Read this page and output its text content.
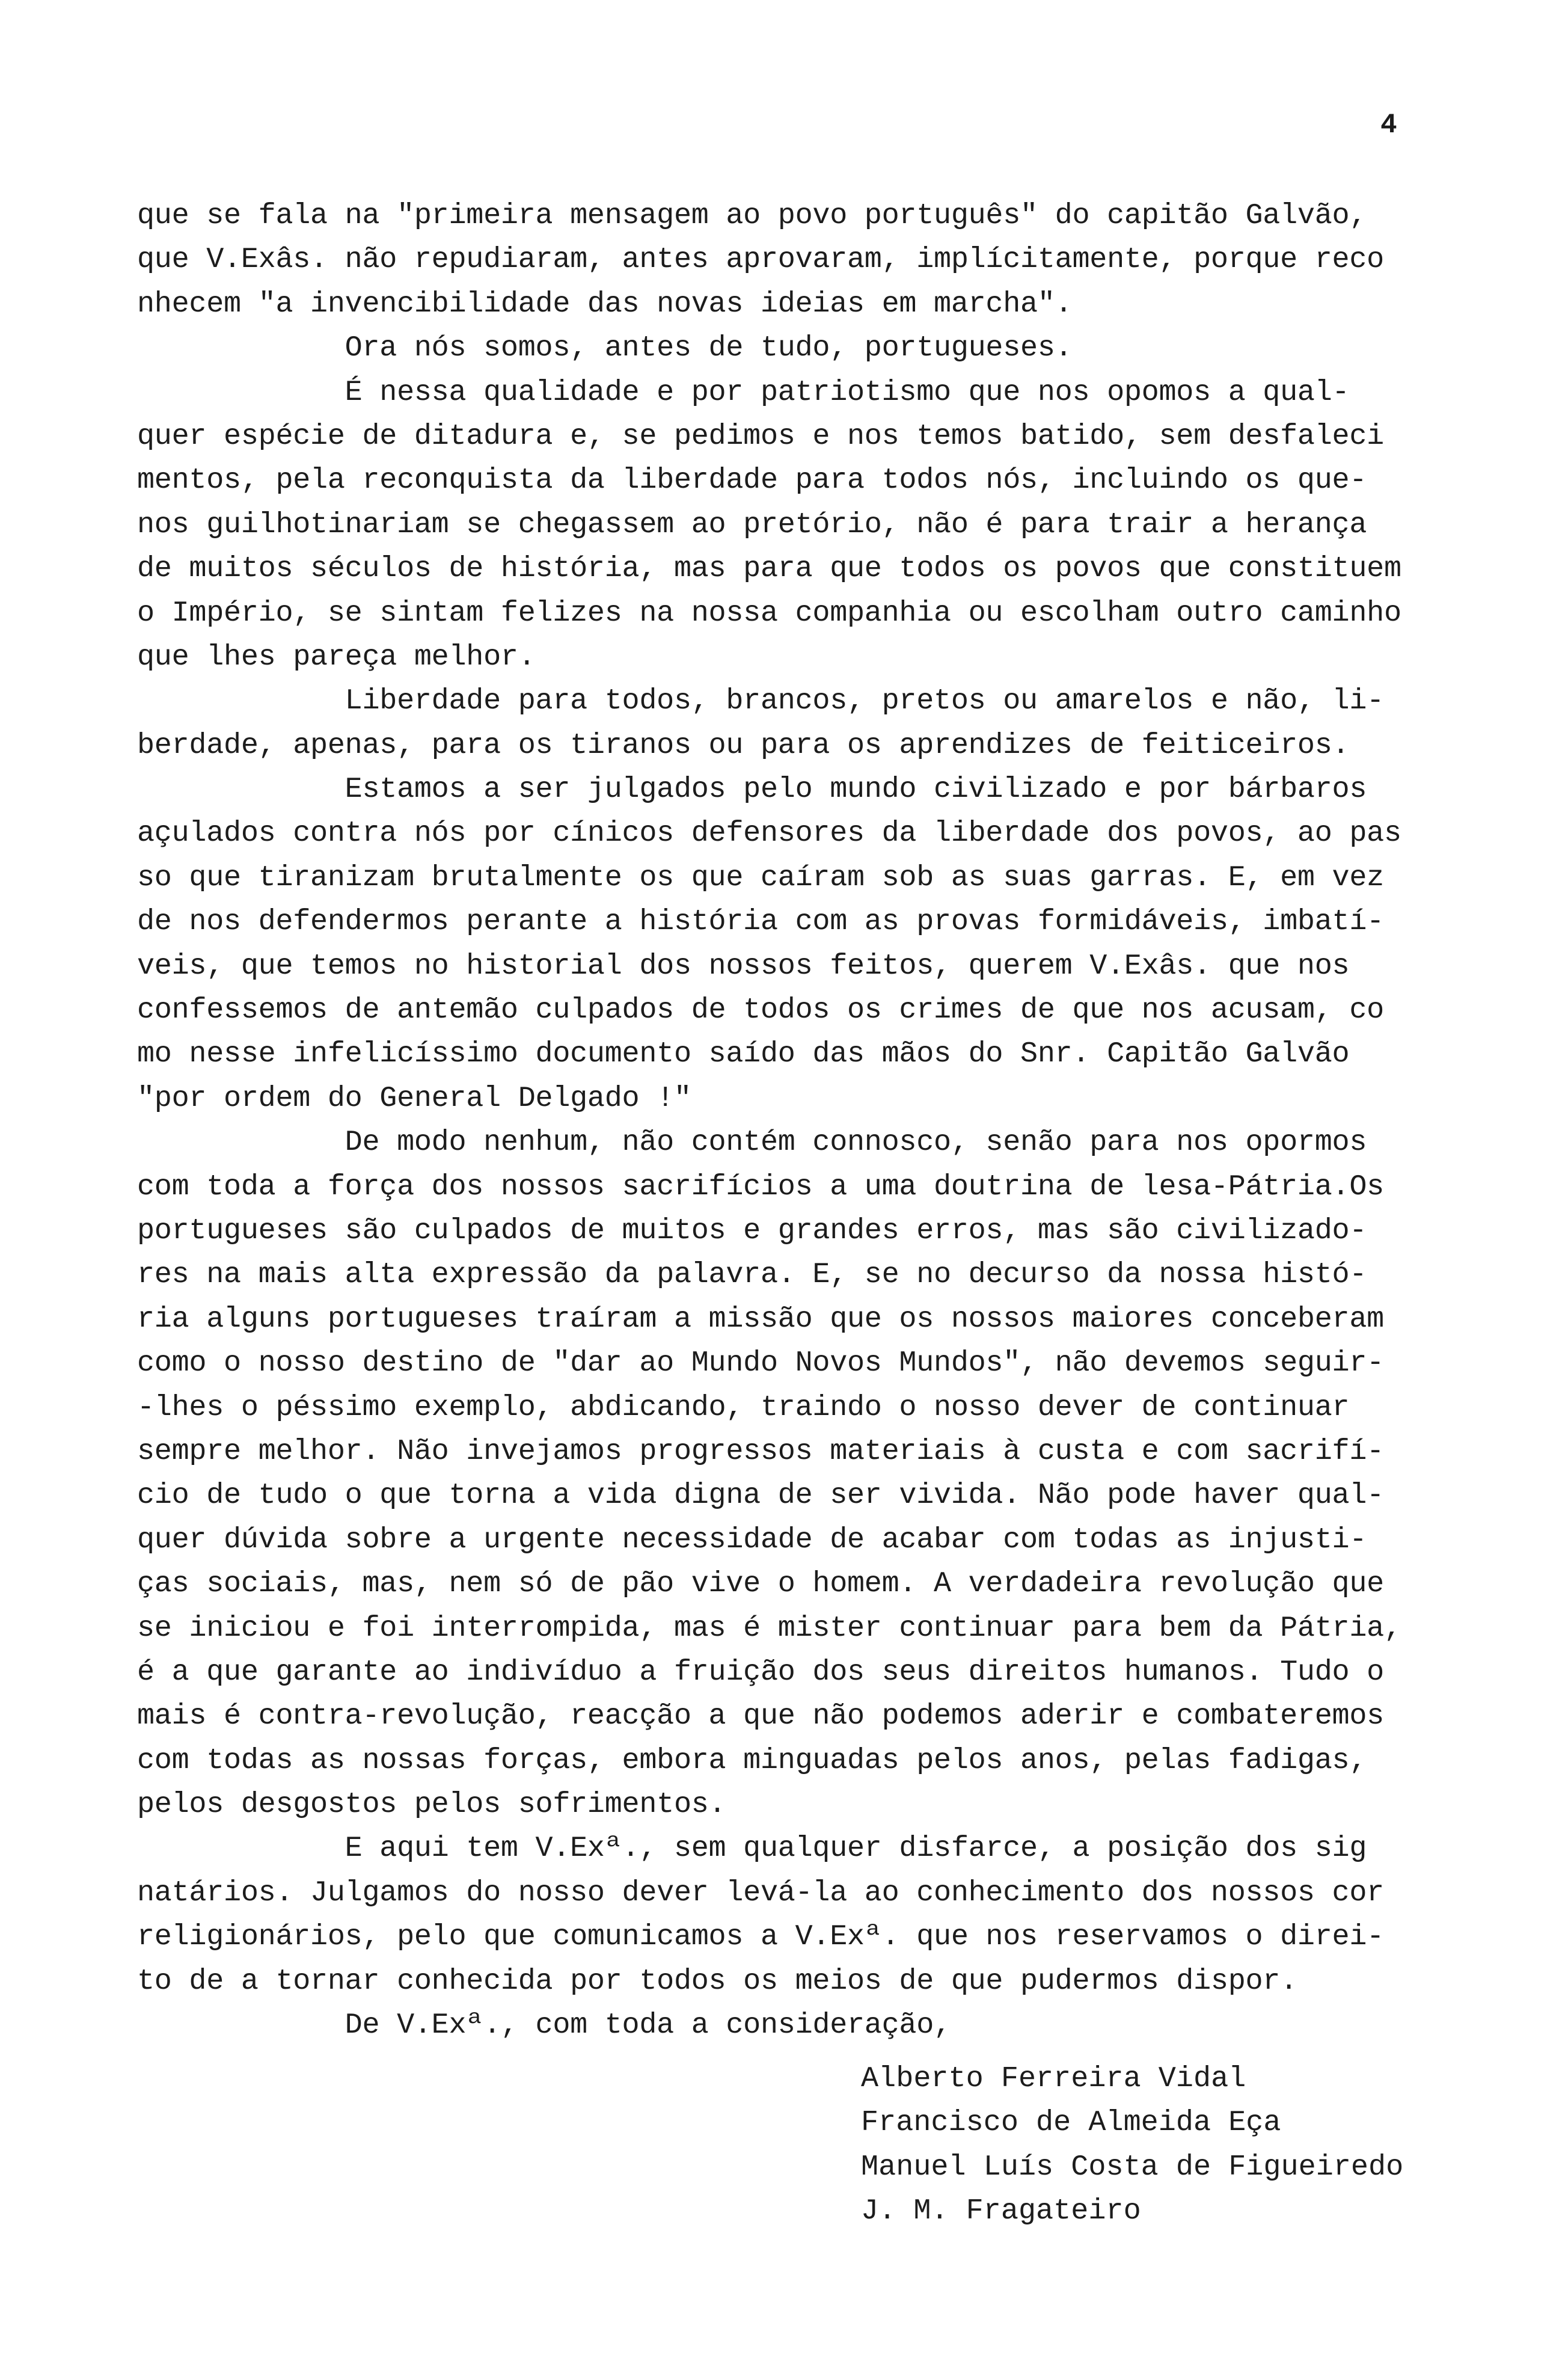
4
que se fala na "primeira mensagem ao povo português" do capitão Galvão,
que V.Exâs. não repudiaram, antes aprovaram, implícitamente, porque reco
nhecem "a invencibilidade das novas ideias em marcha".
Ora nós somos, antes de tudo, portugueses.
É nessa qualidade e por patriotismo que nos opomos a qual-
quer espécie de ditadura e, se pedimos e nos temos batido, sem desfaleci
mentos, pela reconquista da liberdade para todos nós, incluindo os que-
nos guilhotinariam se chegassem ao pretório, não é para trair a herança
de muitos séculos de história, mas para que todos os povos que constituem
o Império, se sintam felizes na nossa companhia ou escolham outro caminho
que lhes pareça melhor.
Liberdade para todos, brancos, pretos ou amarelos e não, li-
berdade, apenas, para os tiranos ou para os aprendizes de feiticeiros.
Estamos a ser julgados pelo mundo civilizado e por bárbaros
açulados contra nós por cínicos defensores da liberdade dos povos, ao pas
so que tiranizam brutalmente os que caíram sob as suas garras. E, em vez
de nos defendermos perante a história com as provas formidáveis, imbatí-
veis, que temos no historial dos nossos feitos, querem V.Exâs. que nos
confessemos de antemão culpados de todos os crimes de que nos acusam, co
mo nesse infelicíssimo documento saído das mãos do Snr. Capitão Galvão
"por ordem do General Delgado !"
De modo nenhum, não contém connosco, senão para nos opormos
com toda a força dos nossos sacrifícios a uma doutrina de lesa-Pátria.Os
portugueses são culpados de muitos e grandes erros, mas são civilizado-
res na mais alta expressão da palavra. E, se no decurso da nossa histó-
ria alguns portugueses traíram a missão que os nossos maiores conceberam
como o nosso destino de "dar ao Mundo Novos Mundos", não devemos seguir-
-lhes o péssimo exemplo, abdicando, traindo o nosso dever de continuar
sempre melhor. Não invejamos progressos materiais à custa e com sacrifí-
cio de tudo o que torna a vida digna de ser vivida. Não pode haver qual-
quer dúvida sobre a urgente necessidade de acabar com todas as injusti-
ças sociais, mas, nem só de pão vive o homem. A verdadeira revolução que
se iniciou e foi interrompida, mas é mister continuar para bem da Pátria,
é a que garante ao indivíduo a fruição dos seus direitos humanos. Tudo o
mais é contra-revolução, reacção a que não podemos aderir e combateremos
com todas as nossas forças, embora minguadas pelos anos, pelas fadigas,
pelos desgostos pelos sofrimentos.
E aqui tem V.Exª., sem qualquer disfarce, a posição dos sig
natários. Julgamos do nosso dever levá-la ao conhecimento dos nossos cor
religionários, pelo que comunicamos a V.Exª. que nos reservamos o direi-
to de a tornar conhecida por todos os meios de que pudermos dispor.
De V.Exª., com toda a consideração,
Alberto Ferreira Vidal
Francisco de Almeida Eça
Manuel Luís Costa de Figueiredo
J. M. Fragateiro
